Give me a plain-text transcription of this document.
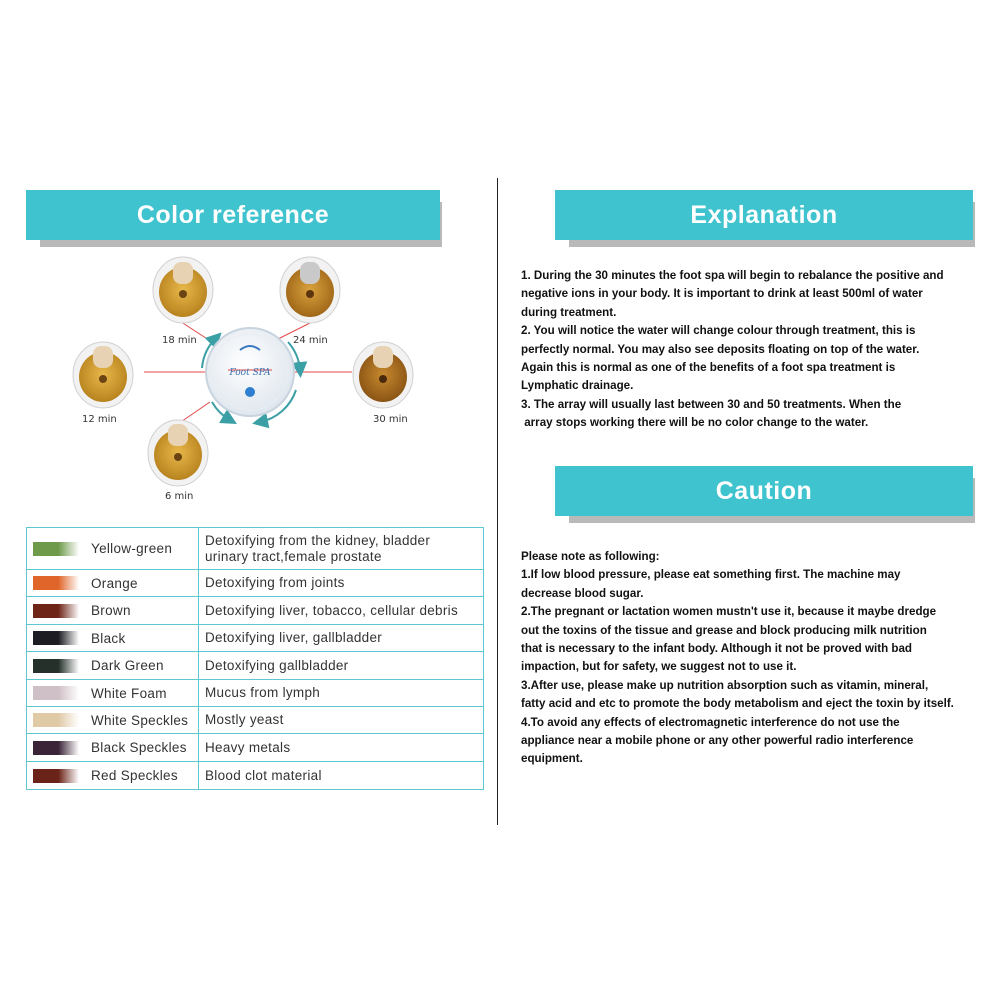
Color reference
Foot SPA
18 min	24 min
12 min	30 min
6 min
Yellow-green	Detoxifying from the kidney, bladder
urinary tract,female prostate

Orange	Detoxifying from joints

Brown	Detoxifying liver, tobacco, cellular debris

Black	Detoxifying liver, gallbladder

Dark Green	Detoxifying gallbladder

White Foam	Mucus from lymph

White Speckles	Mostly yeast

Black Speckles	Heavy metals

Red Speckles	Blood clot material
Explanation

1. During the 30 minutes the foot spa will begin to rebalance the positive and

negative ions in your body. It is important to drink at least 500ml of water

during treatment.

2. You will notice the water will change colour through treatment, this is

perfectly normal. You may also see deposits floating on top of the water.

Again this is normal as one of the benefits of a foot spa treatment is

Lymphatic drainage.

3. The array will usually last between 30 and 50 treatments. When the

array stops working there will be no color change to the water.

Caution

Please note as following:

1.If low blood pressure, please eat something first. The machine may

decrease blood sugar.

2.The pregnant or lactation women mustn't use it, because it maybe dredge

out the toxins of the tissue and grease and block producing milk nutrition

that is necessary to the infant body. Although it not be proved with bad

impaction, but for safety, we suggest not to use it.

3.After use, please make up nutrition absorption such as vitamin, mineral,

fatty acid and etc to promote the body metabolism and eject the toxin by itself.

4.To avoid any effects of electromagnetic interference do not use the

appliance near a mobile phone or any other powerful radio interference

equipment.
